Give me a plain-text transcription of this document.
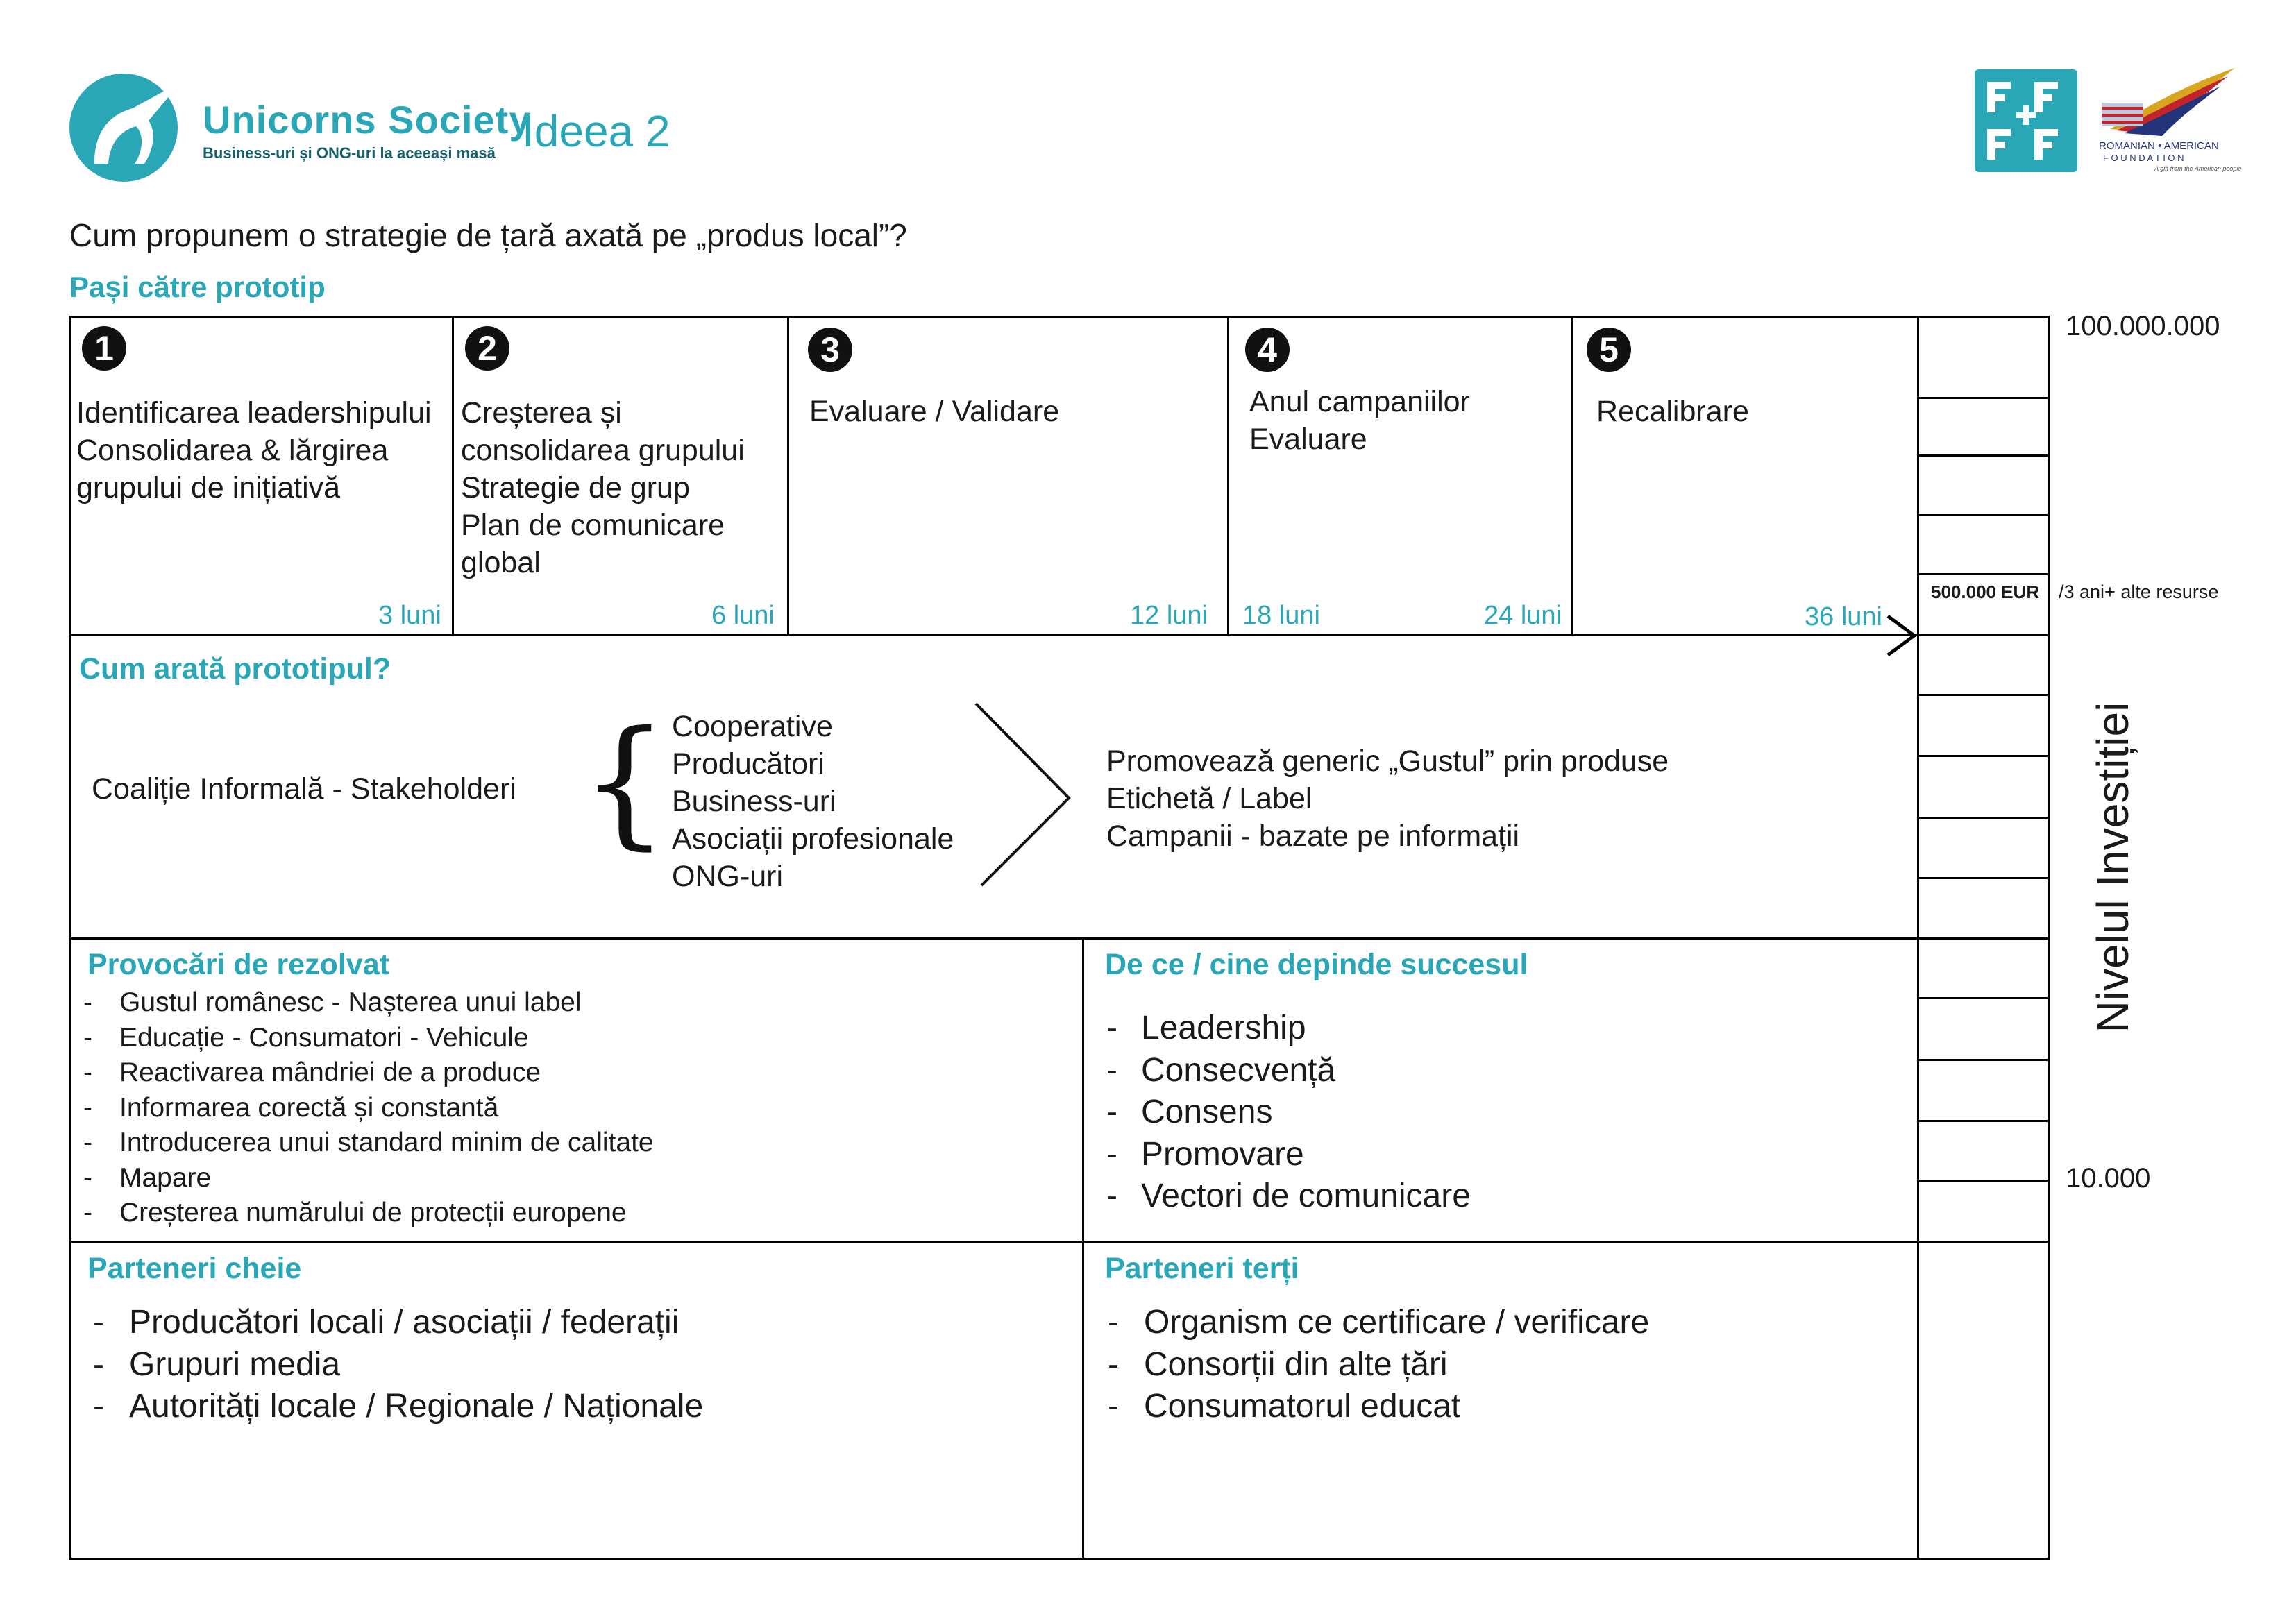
Unicorns Society
Business-uri și ONG-uri la aceeași masă Ideea 2	ROMANIAN • AMERICAN
F O U N D A T I O N
A gift from the American people
Cum propunem o strategie de țară axată pe „produs local”?
Pași către prototip
1
Identificarea leadershipului
Consolidarea & lărgirea
grupului de inițiativă
3 luni
2
Creșterea și
consolidarea grupului
Strategie de grup
Plan de comunicare
global
6 luni
3
Evaluare / Validare
12 luni
4
Anul campaniilor
Evaluare
18 luni	24 luni
5
Recalibrare
36 luni
Cum arată prototipul?
Coaliție Informală - Stakeholderi { Cooperative
Producători
Business-uri
Asociații profesionale
ONG-uri
Promovează generic „Gustul” prin produse
Etichetă / Label
Campanii - bazate pe informații
Provocări de rezolvat
- Gustul românesc - Nașterea unui label
- Educație - Consumatori - Vehicule
- Reactivarea mândriei de a produce
- Informarea corectă și constantă
- Introducerea unui standard minim de calitate
- Mapare
- Creșterea numărului de protecții europene
De ce / cine depinde succesul
- Leadership
- Consecvență
- Consens
- Promovare
- Vectori de comunicare
Parteneri cheie
- Producători locali / asociații / federații
- Grupuri media
- Autorități locale / Regionale / Naționale
Parteneri terți
- Organism ce certificare / verificare
- Consorții din alte țări
- Consumatorul educat
100.000.000
500.000 EUR /3 ani+ alte resurse
Nivelul Investiției
10.000
